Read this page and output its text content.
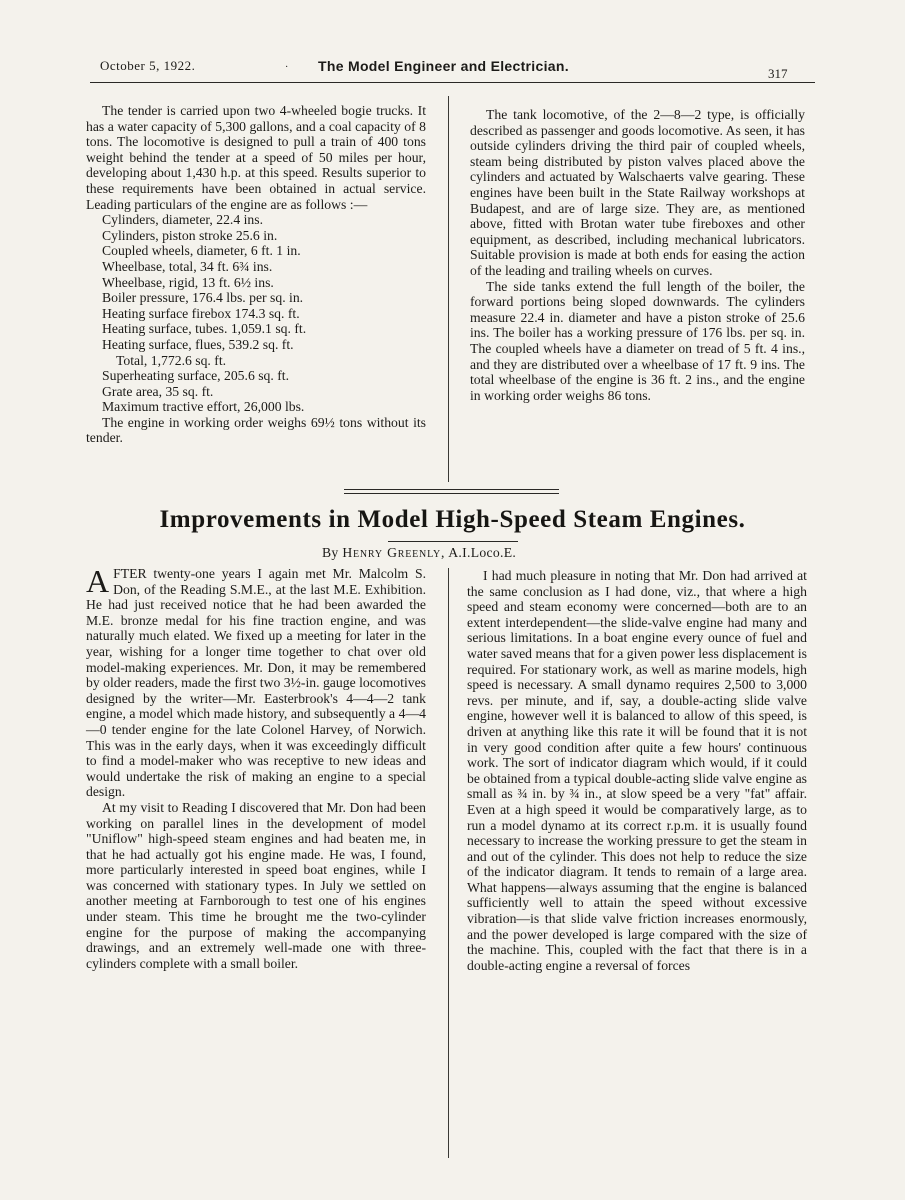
October 5, 1922.	· The Model Engineer and Electrician.	317

The tender is carried upon two 4-wheeled bogie trucks. It has a water capacity of 5,300 gallons, and a coal capacity of 8 tons. The locomotive is designed to pull a train of 400 tons weight behind the tender at a speed of 50 miles per hour, developing about 1,430 h.p. at this speed. Results superior to these requirements have been obtained in actual service. Leading particulars of the engine are as follows :—

Cylinders, diameter, 22.4 ins.
Cylinders, piston stroke 25.6 in.
Coupled wheels, diameter, 6 ft. 1 in.
Wheelbase, total, 34 ft. 6¾ ins.
Wheelbase, rigid, 13 ft. 6½ ins.
Boiler pressure, 176.4 lbs. per sq. in.
Heating surface firebox 174.3 sq. ft.
Heating surface, tubes. 1,059.1 sq. ft.
Heating surface, flues, 539.2 sq. ft.
Total, 1,772.6 sq. ft.
Superheating surface, 205.6 sq. ft.
Grate area, 35 sq. ft.
Maximum tractive effort, 26,000 lbs.

The engine in working order weighs 69½ tons without its tender.

The tank locomotive, of the 2—8—2 type, is officially described as passenger and goods locomotive. As seen, it has outside cylinders driving the third pair of coupled wheels, steam being distributed by piston valves placed above the cylinders and actuated by Walschaerts valve gearing. These engines have been built in the State Railway workshops at Budapest, and are of large size. They are, as mentioned above, fitted with Brotan water tube fireboxes and other equipment, as described, including mechanical lubricators. Suitable provision is made at both ends for easing the action of the leading and trailing wheels on curves.

The side tanks extend the full length of the boiler, the forward portions being sloped downwards. The cylinders measure 22.4 in. diameter and have a piston stroke of 25.6 ins. The boiler has a working pressure of 176 lbs. per sq. in. The coupled wheels have a diameter on tread of 5 ft. 4 ins., and they are distributed over a wheelbase of 17 ft. 9 ins. The total wheelbase of the engine is 36 ft. 2 ins., and the engine in working order weighs 86 tons.

Improvements in Model High-Speed Steam Engines.
By Henry Greenly, A.I.Loco.E.

AFTER twenty-one years I again met Mr. Malcolm S. Don, of the Reading S.M.E., at the last M.E. Exhibition. He had just received notice that he had been awarded the M.E. bronze medal for his fine traction engine, and was naturally much elated. We fixed up a meeting for later in the year, wishing for a longer time together to chat over old model-making experiences. Mr. Don, it may be remembered by older readers, made the first two 3½-in. gauge locomotives designed by the writer—Mr. Easterbrook's 4—4—2 tank engine, a model which made history, and subsequently a 4—4—0 tender engine for the late Colonel Harvey, of Norwich. This was in the early days, when it was exceedingly difficult to find a model-maker who was receptive to new ideas and would undertake the risk of making an engine to a special design.

At my visit to Reading I discovered that Mr. Don had been working on parallel lines in the development of model "Uniflow" high-speed steam engines and had beaten me, in that he had actually got his engine made. He was, I found, more particularly interested in speed boat engines, while I was concerned with stationary types. In July we settled on another meeting at Farnborough to test one of his engines under steam. This time he brought me the two-cylinder engine for the purpose of making the accompanying drawings, and an extremely well-made one with three-cylinders complete with a small boiler.

I had much pleasure in noting that Mr. Don had arrived at the same conclusion as I had done, viz., that where a high speed and steam economy were concerned—both are to an extent interdependent—the slide-valve engine had many and serious limitations. In a boat engine every ounce of fuel and water saved means that for a given power less displacement is required. For stationary work, as well as marine models, high speed is necessary. A small dynamo requires 2,500 to 3,000 revs. per minute, and if, say, a double-acting slide valve engine, however well it is balanced to allow of this speed, is driven at anything like this rate it will be found that it is not in very good condition after quite a few hours' continuous work. The sort of indicator diagram which would, if it could be obtained from a typical double-acting slide valve engine as small as ¾ in. by ¾ in., at slow speed be a very "fat" affair. Even at a high speed it would be comparatively large, as to run a model dynamo at its correct r.p.m. it is usually found necessary to increase the working pressure to get the steam in and out of the cylinder. This does not help to reduce the size of the indicator diagram. It tends to remain of a large area. What happens—always assuming that the engine is balanced sufficiently well to attain the speed without excessive vibration—is that slide valve friction increases enormously, and the power developed is large compared with the size of the machine. This, coupled with the fact that there is in a double-acting engine a reversal of forces
